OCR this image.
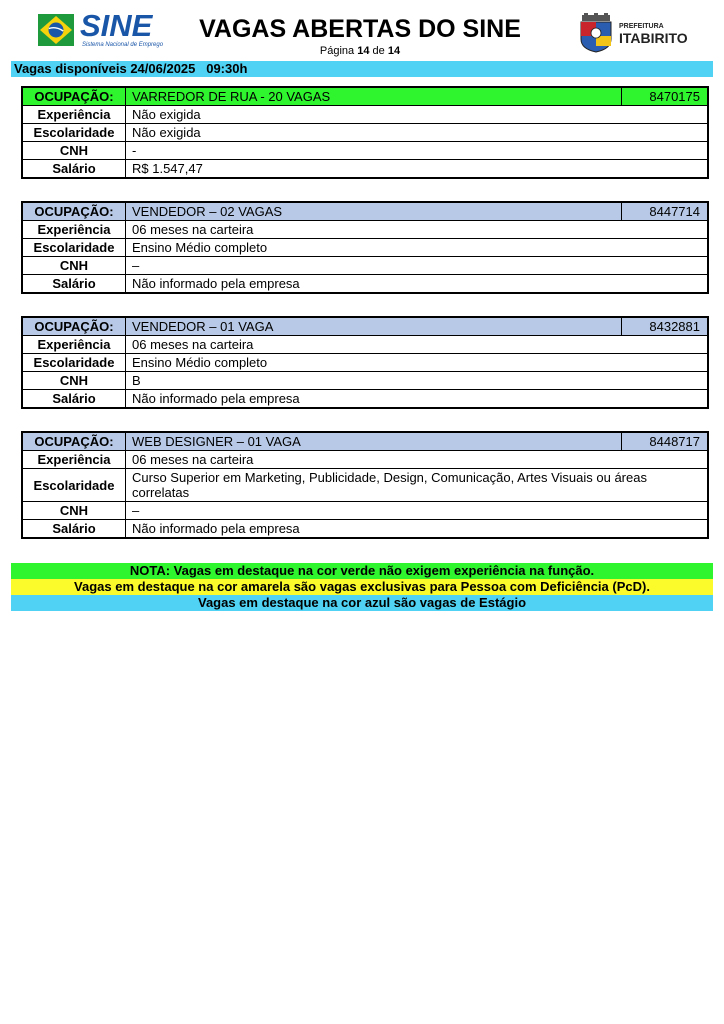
SINE
Sistema Nacional de Emprego
VAGAS ABERTAS DO SINE
Página 14 de 14
PREFEITURA
ITABIRITO
Vagas disponíveis 24/06/2025   09:30h
OCUPAÇÃO:	VARREDOR DE RUA - 20 VAGAS	8470175
Experiência	Não exigida	
Escolaridade	Não exigida	
CNH	-	
Salário	R$ 1.547,47	
OCUPAÇÃO:	VENDEDOR – 02 VAGAS	8447714
Experiência	06 meses na carteira	
Escolaridade	Ensino Médio completo	
CNH	–	
Salário	Não informado pela empresa	
OCUPAÇÃO:	VENDEDOR – 01 VAGA	8432881
Experiência	06 meses na carteira	
Escolaridade	Ensino Médio completo	
CNH	B	
Salário	Não informado pela empresa	
OCUPAÇÃO:	WEB DESIGNER – 01 VAGA	8448717
Experiência	06 meses na carteira	
Escolaridade	Curso Superior em Marketing, Publicidade, Design, Comunicação, Artes Visuais ou áreas correlatas	
CNH	–	
Salário	Não informado pela empresa	
NOTA: Vagas em destaque na cor verde não exigem experiência na função.
Vagas em destaque na cor amarela são vagas exclusivas para Pessoa com Deficiência (PcD).
Vagas em destaque na cor azul são vagas de Estágio
